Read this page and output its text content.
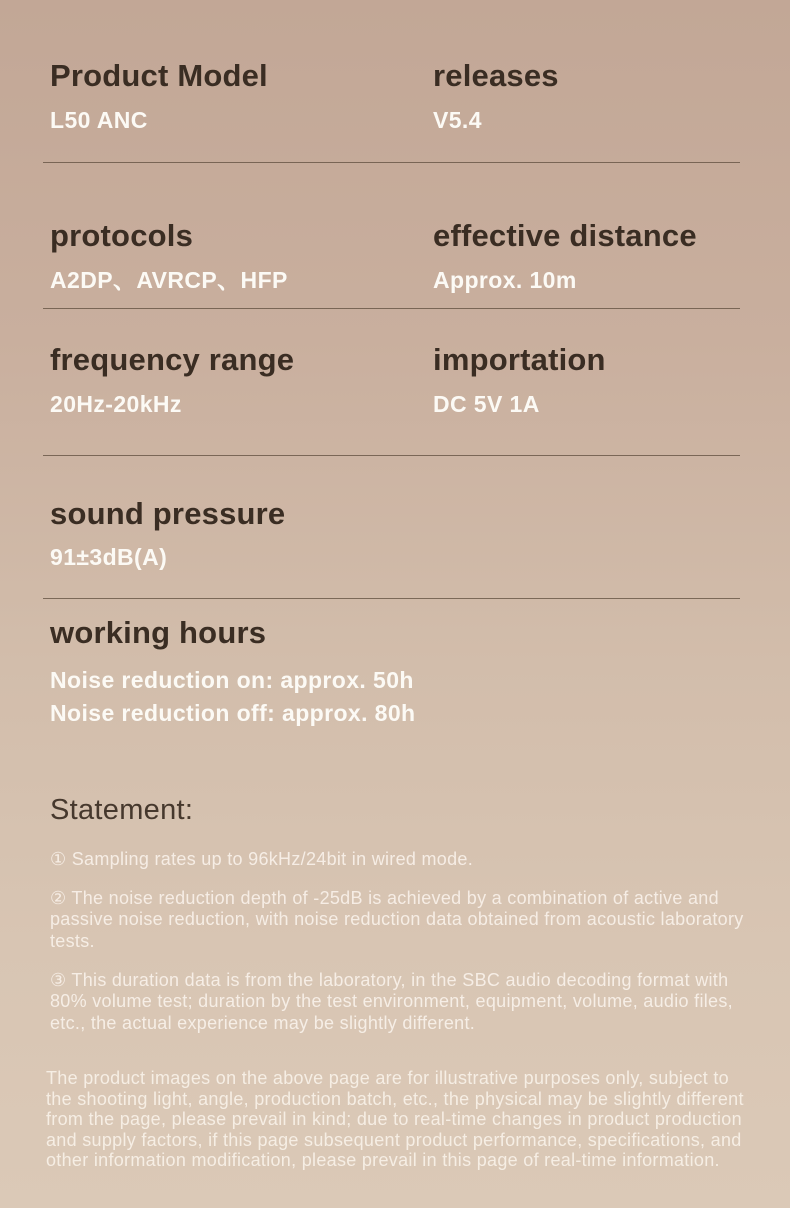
Product Model
L50 ANC
releases
V5.4
protocols
A2DP、AVRCP、HFP
effective distance
Approx. 10m
frequency range
20Hz-20kHz
importation
DC 5V 1A
sound pressure
91±3dB(A)
working hours
Noise reduction on: approx. 50h
Noise reduction off: approx. 80h
Statement:

① Sampling rates up to 96kHz/24bit in wired mode.

② The noise reduction depth of -25dB is achieved by a combination of active and passive noise reduction, with noise reduction data obtained from acoustic laboratory tests.

③ This duration data is from the laboratory, in the SBC audio decoding format with 80% volume test; duration by the test environment, equipment, volume, audio files, etc., the actual experience may be slightly different.

The product images on the above page are for illustrative purposes only, subject to the shooting light, angle, production batch, etc., the physical may be slightly different from the page, please prevail in kind; due to real-time changes in product production and supply factors, if this page subsequent product performance, specifications, and other information modification, please prevail in this page of real-time information.
